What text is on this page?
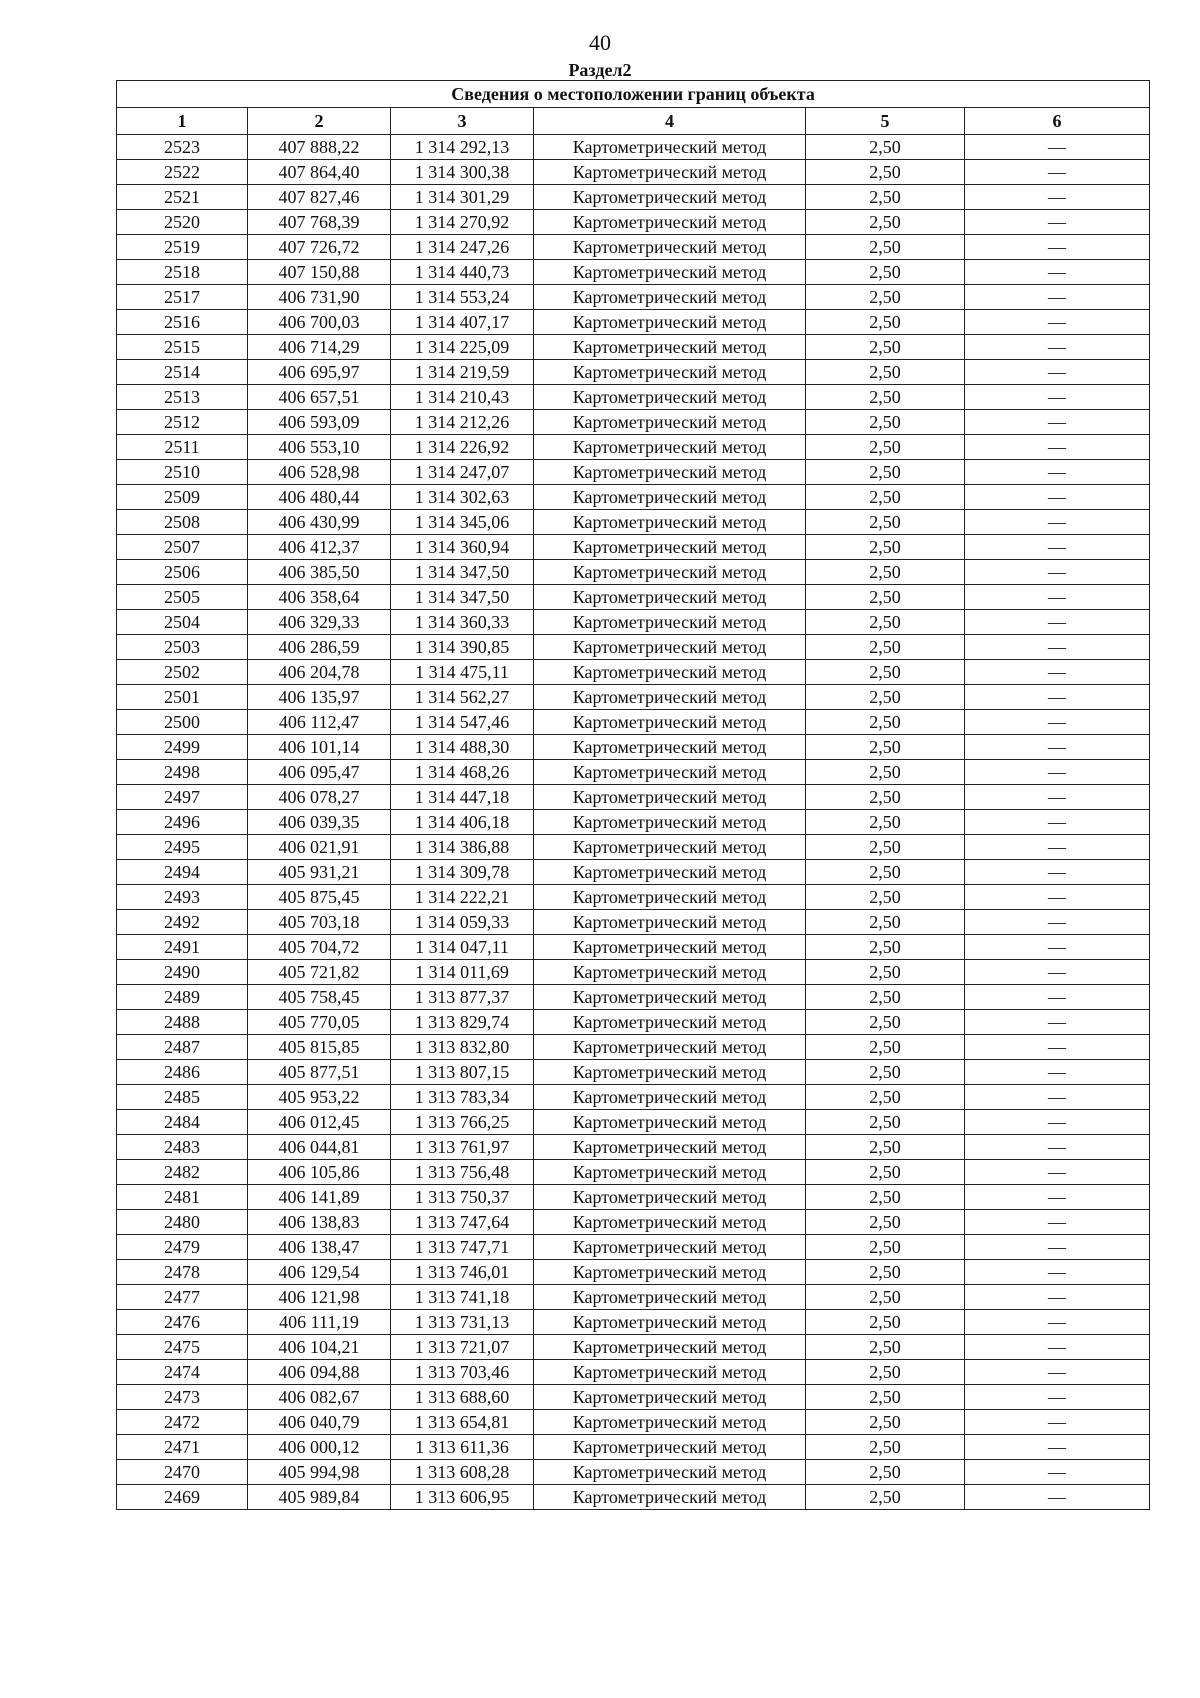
40
Раздел2
Сведения о местоположении границ объекта					
1	2	3	4	5	6
2523	407 888,22	1 314 292,13	Картометрический метод	2,50	—
2522	407 864,40	1 314 300,38	Картометрический метод	2,50	—
2521	407 827,46	1 314 301,29	Картометрический метод	2,50	—
2520	407 768,39	1 314 270,92	Картометрический метод	2,50	—
2519	407 726,72	1 314 247,26	Картометрический метод	2,50	—
2518	407 150,88	1 314 440,73	Картометрический метод	2,50	—
2517	406 731,90	1 314 553,24	Картометрический метод	2,50	—
2516	406 700,03	1 314 407,17	Картометрический метод	2,50	—
2515	406 714,29	1 314 225,09	Картометрический метод	2,50	—
2514	406 695,97	1 314 219,59	Картометрический метод	2,50	—
2513	406 657,51	1 314 210,43	Картометрический метод	2,50	—
2512	406 593,09	1 314 212,26	Картометрический метод	2,50	—
2511	406 553,10	1 314 226,92	Картометрический метод	2,50	—
2510	406 528,98	1 314 247,07	Картометрический метод	2,50	—
2509	406 480,44	1 314 302,63	Картометрический метод	2,50	—
2508	406 430,99	1 314 345,06	Картометрический метод	2,50	—
2507	406 412,37	1 314 360,94	Картометрический метод	2,50	—
2506	406 385,50	1 314 347,50	Картометрический метод	2,50	—
2505	406 358,64	1 314 347,50	Картометрический метод	2,50	—
2504	406 329,33	1 314 360,33	Картометрический метод	2,50	—
2503	406 286,59	1 314 390,85	Картометрический метод	2,50	—
2502	406 204,78	1 314 475,11	Картометрический метод	2,50	—
2501	406 135,97	1 314 562,27	Картометрический метод	2,50	—
2500	406 112,47	1 314 547,46	Картометрический метод	2,50	—
2499	406 101,14	1 314 488,30	Картометрический метод	2,50	—
2498	406 095,47	1 314 468,26	Картометрический метод	2,50	—
2497	406 078,27	1 314 447,18	Картометрический метод	2,50	—
2496	406 039,35	1 314 406,18	Картометрический метод	2,50	—
2495	406 021,91	1 314 386,88	Картометрический метод	2,50	—
2494	405 931,21	1 314 309,78	Картометрический метод	2,50	—
2493	405 875,45	1 314 222,21	Картометрический метод	2,50	—
2492	405 703,18	1 314 059,33	Картометрический метод	2,50	—
2491	405 704,72	1 314 047,11	Картометрический метод	2,50	—
2490	405 721,82	1 314 011,69	Картометрический метод	2,50	—
2489	405 758,45	1 313 877,37	Картометрический метод	2,50	—
2488	405 770,05	1 313 829,74	Картометрический метод	2,50	—
2487	405 815,85	1 313 832,80	Картометрический метод	2,50	—
2486	405 877,51	1 313 807,15	Картометрический метод	2,50	—
2485	405 953,22	1 313 783,34	Картометрический метод	2,50	—
2484	406 012,45	1 313 766,25	Картометрический метод	2,50	—
2483	406 044,81	1 313 761,97	Картометрический метод	2,50	—
2482	406 105,86	1 313 756,48	Картометрический метод	2,50	—
2481	406 141,89	1 313 750,37	Картометрический метод	2,50	—
2480	406 138,83	1 313 747,64	Картометрический метод	2,50	—
2479	406 138,47	1 313 747,71	Картометрический метод	2,50	—
2478	406 129,54	1 313 746,01	Картометрический метод	2,50	—
2477	406 121,98	1 313 741,18	Картометрический метод	2,50	—
2476	406 111,19	1 313 731,13	Картометрический метод	2,50	—
2475	406 104,21	1 313 721,07	Картометрический метод	2,50	—
2474	406 094,88	1 313 703,46	Картометрический метод	2,50	—
2473	406 082,67	1 313 688,60	Картометрический метод	2,50	—
2472	406 040,79	1 313 654,81	Картометрический метод	2,50	—
2471	406 000,12	1 313 611,36	Картометрический метод	2,50	—
2470	405 994,98	1 313 608,28	Картометрический метод	2,50	—
2469	405 989,84	1 313 606,95	Картометрический метод	2,50	—
